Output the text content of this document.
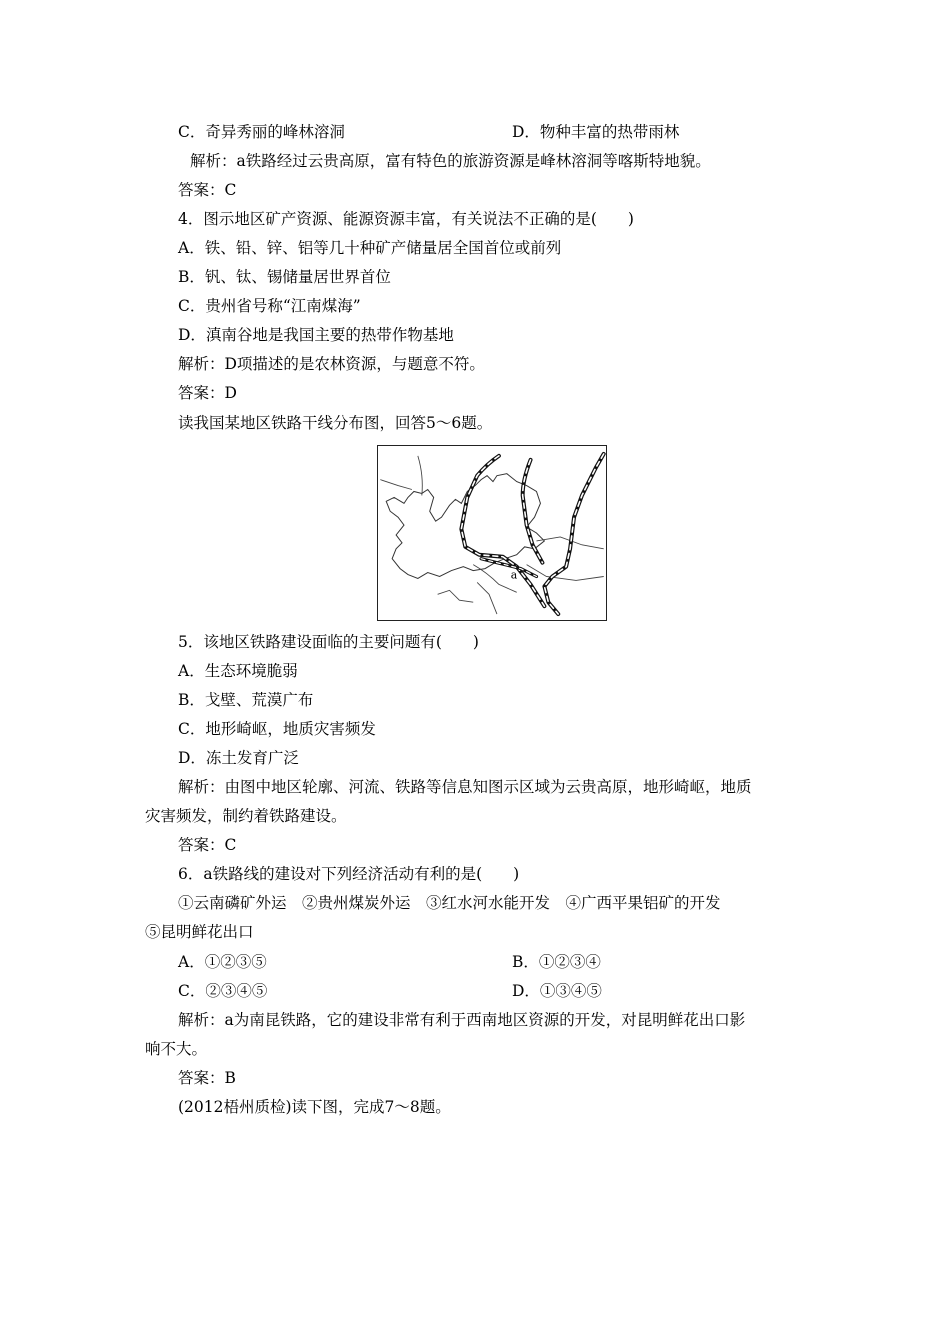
C．奇异秀丽的峰林溶洞	D．物种丰富的热带雨林
解析：a铁路经过云贵高原，富有特色的旅游资源是峰林溶洞等喀斯特地貌。
答案：C
4．图示地区矿产资源、能源资源丰富，有关说法不正确的是(　　)
A．铁、铅、锌、铝等几十种矿产储量居全国首位或前列
B．钒、钛、锡储量居世界首位
C．贵州省号称“江南煤海”
D．滇南谷地是我国主要的热带作物基地
解析：D项描述的是农林资源，与题意不符。
答案：D
读我国某地区铁路干线分布图，回答5～6题。
a
5．该地区铁路建设面临的主要问题有(　　)
A．生态环境脆弱
B．戈壁、荒漠广布
C．地形崎岖，地质灾害频发
D．冻土发育广泛
解析：由图中地区轮廓、河流、铁路等信息知图示区域为云贵高原，地形崎岖，地质
灾害频发，制约着铁路建设。
答案：C
6．a铁路线的建设对下列经济活动有利的是(　　)
①云南磷矿外运　②贵州煤炭外运　③红水河水能开发　④广西平果铝矿的开发
⑤昆明鲜花出口
A．①②③⑤	B．①②③④
C．②③④⑤	D．①③④⑤
解析：a为南昆铁路，它的建设非常有利于西南地区资源的开发，对昆明鲜花出口影
响不大。
答案：B
(2012梧州质检)读下图，完成7～8题。
